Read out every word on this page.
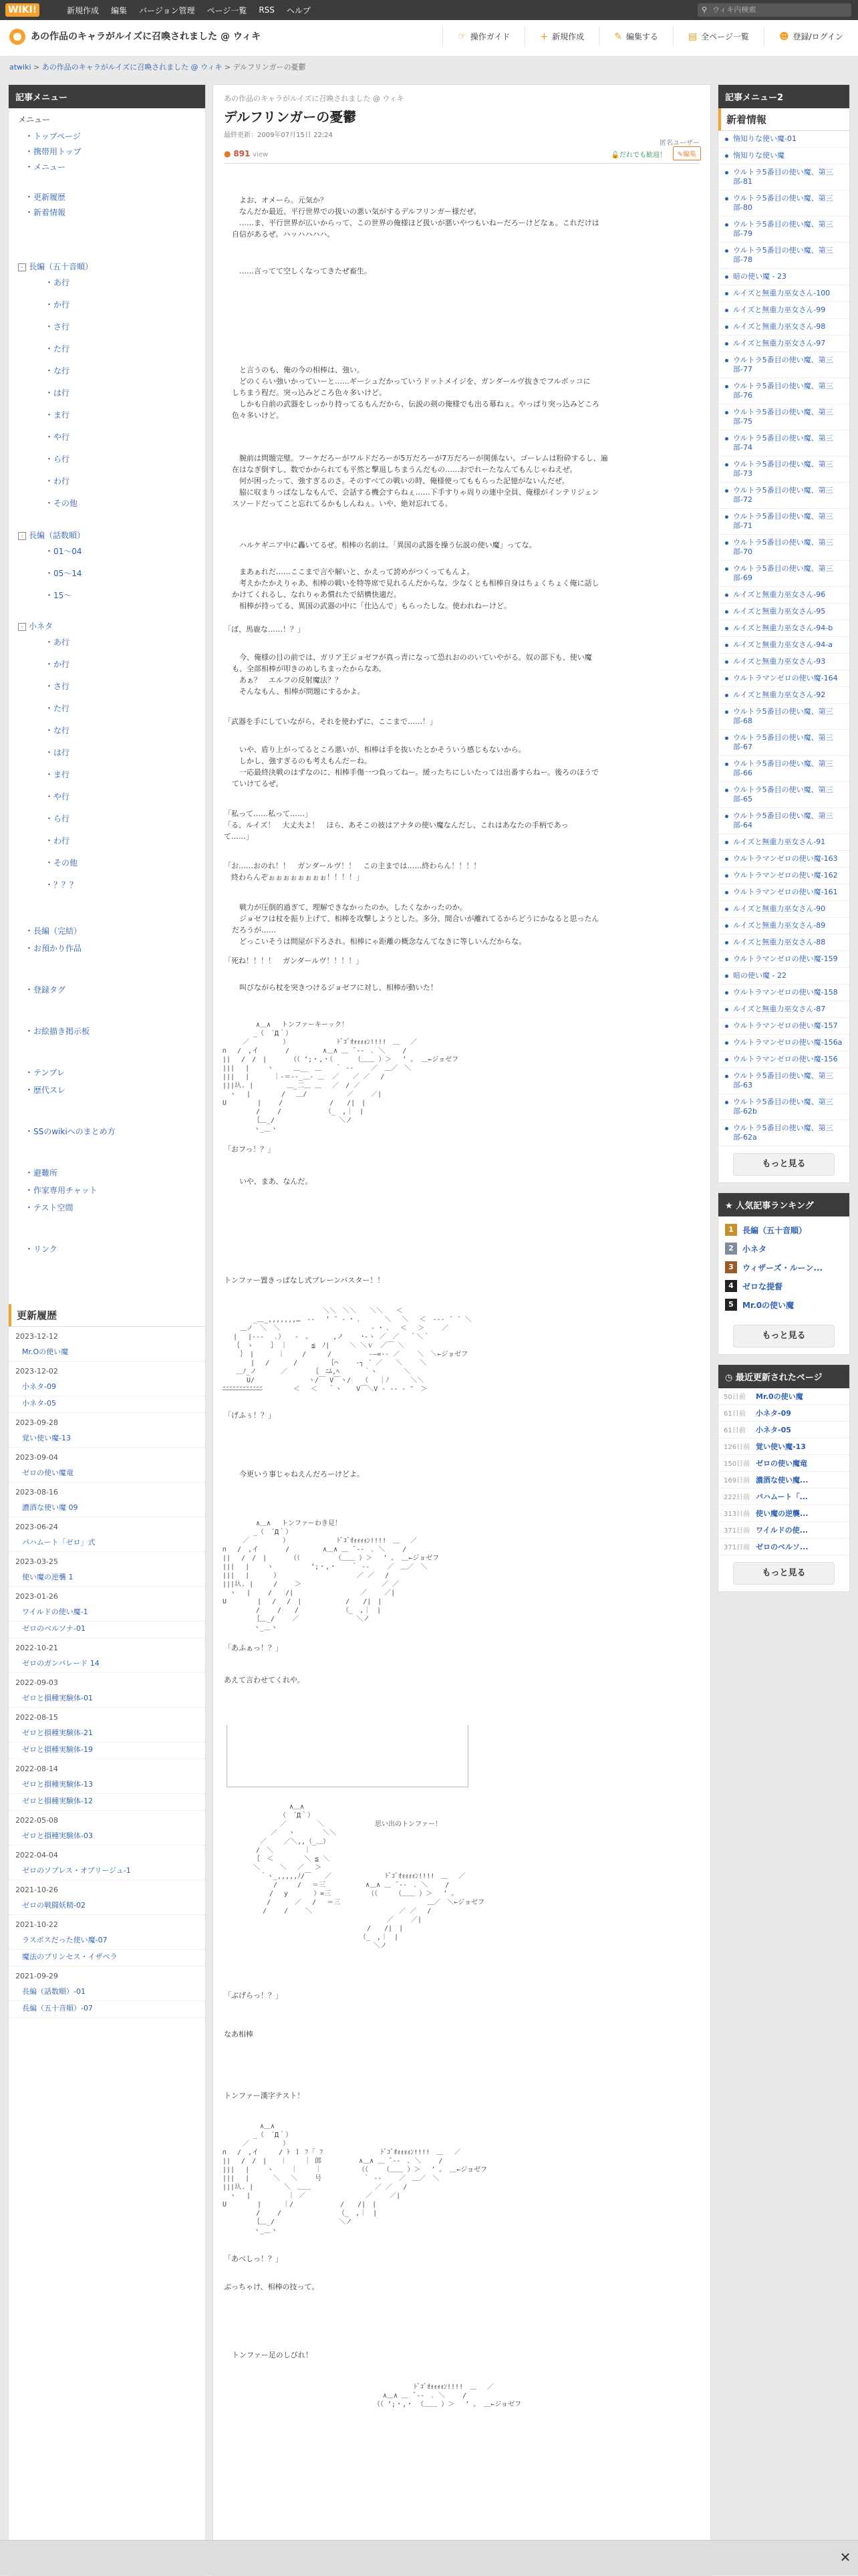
WIKI!	新規作成 編集 バージョン管理 ページ一覧 RSS ヘルプ	⚲ ウィキ内検索
あの作品のキャラがルイズに召喚されました @ ウィキ	☞ 操作ガイド	+ 新規作成	✎ 編集する	▤ 全ページ一覧	☻ 登録/ログイン
atwiki > あの作品のキャラがルイズに召喚されました @ ウィキ > デルフリンガーの憂鬱
記事メニュー
メニュー
・トップページ
・携帯用トップ
・メニュー
・更新履歴
・新着情報
- 長編（五十音順）
・あ行
・か行
・さ行
・た行
・な行
・は行
・ま行
・や行
・ら行
・わ行
・その他
- 長編（話数順）
・01〜04
・05〜14
・15〜
- 小ネタ
・あ行
・か行
・さ行
・た行
・な行
・は行
・ま行
・や行
・ら行
・わ行
・その他
・？？？
・長編（完結）
・お預かり作品
・登録タグ
・お絵描き掲示板
・テンプレ
・歴代スレ
・SSのwikiへのまとめ方
・避難所
・作家専用チャット
・テスト空間
・リンク
更新履歴
2023-12-12
Mr.Oの使い魔
2023-12-02
小ネタ-09
小ネタ-05
2023-09-28
覚い使い魔-13
2023-09-04
ゼロの使い魔竜
2023-08-16
濃酒な使い魔 09
2023-06-24
パハムート「ゼロ」式
2023-03-25
使い魔の逆襲 1
2023-01-26
ワイルドの使い魔-1
ゼロのベルソナ-01
2022-10-21
ゼロのガンパレード 14
2022-09-03
ゼロと損種実験体-01
2022-08-15
ゼロと損種実験体-21
ゼロと損種実験体-19
2022-08-14
ゼロと損種実験体-13
ゼロと損種実験体-12
2022-05-08
ゼロと損種実験体-03
2022-04-04
ゼロのソプレス・オブリージュ-1
2021-10-26
ゼロの戦闘妖精-02
2021-10-22
ラスボスだった使い魔-07
魔法のプリンセス・イザベラ
2021-09-29
長編（話数順）-01
長編（五十音順）-07
あの作品のキャラがルイズに召喚されました @ ウィキ
デルフリンガーの憂鬱
最終更新：2009年07月15日 22:24
匿名ユーザー
● 891 view	🔓だれでも歓迎！	✎編集
　よお、オメーら。元気か？
　なんだか最近、平行世界での扱いの悪い気がするデルフリンガー様だぜ。
　……ま、平行世界が広いからって、この世界の俺様ほど扱いが悪いやつもいねーだろーけどなぁ。これだけは
自信があるぜ。ハッハハハハ。
　……言ってて空しくなってきたぜ畜生。
　と言うのも、俺の今の相棒は、強い。
　どのくらい強いかっていーと……ギーシュだかっていうドットメイジを、ガンダールヴ抜きでフルボッコに
しちまう程だ。突っ込みどころ色々多いけど。
　しかも自前の武器をしっかり持ってるもんだから、伝説の剣の俺様でも出る幕ねぇ。やっぱり突っ込みどころ
色々多いけど。
　腕前は問題完璧。フーケだろーがワルドだろーが5万だろーが7万だろーが関係ない。ゴーレムは粉砕するし、遍
在はなぎ倒すし、数でかかられても平然と撃退しちまうんだもの……おでれーたなんてもんじゃねえぜ。
　何が困ったって、強すぎるのさ。そのすべての戦いの時、俺様使ってももらった記憶がないんだぜ。
　脇に収まりっぱなしなもんで、会話する機会すらねぇ……下手すりゃ周りの連中全員、俺様がインテリジェン
スソードだってこと忘れてるかもしんねぇ。いや、絶対忘れてる。
　ハルケギニア中に轟いてるぜ。相棒の名前は。「異国の武器を操う伝説の使い魔」ってな。
　まあぁれだ……ここまで言や解いと、かえって誇めがつくってもんよ。
　考えかたかえりゃあ、相棒の戦いを特等席で見れるんだからな。少なくとも相棒自身はちょくちょく俺に話し
かけてくれるし、なれりゃあ慣れたで結構快適だ。
　相棒が持ってる、異国の武器の中に「仕込んで」もらったしな。使われねーけど。
「ば、馬鹿な……！？」
　今、俺様の目の前では、ガリア王ジョゼフが真っ青になって恐れおののいていやがる。奴の部下も、使い魔
も、全部相棒が叩きのめしちまったからなあ。
　あぁ？　エルフの反射魔法？？
　そんなもん、相棒が問題にするかよ。
「武器を手にしていながら、それを使わずに、ここまで……！」
　いや、盾り上がってるところ悪いが、相棒は手を抜いたとかそういう感じもないから。
　しかし、強すぎるのも考えもんだーね。
　一応最終決戦のはずなのに、相棒手傷一つ負ってねー。緩ったちにしいたっては出番すらねー。後ろのほうで
ていけてるぜ。
「私って……私って……」
「る、ルイズ！　大丈夫よ！　ほら、あそこの彼はアナタの使い魔なんだし、これはあなたの手柄であっ
て……」
「お……おのれ！！　ガンダールヴ！！　この主までは……終わらん！！！！
　終わらんぞぉぉぉぉぉぉぉぉ！！！！」
　戦力が圧倒的過ぎて、理解できなかったのか。したくなかったのか。
　ジョゼフは杖を振り上げて、相棒を攻撃しようとした。多分、間合いが離れてるからどうにかなると思ったん
だろうが……
　どっこいそうは問屋が下ろされ。相棒にゃ距離の概念なんてなきに等しいんだからな。
「死ね！！！！　ガンダールヴ！！！！」
　叫びながら杖を突きつけるジョゼフに対し、相棒が動いた！
　　　　　∧＿∧　 トンファーキーック！
　　　　 _（　´Д｀）
　　　／　　　　　）　　　　　　　 ﾄﾞｺﾞｵｫｫｫｫﾝ!!!!　＿　 ／
∩　 /　,イ　　　　/　　　　　∧＿∧ ＿ ̄ ‐‐　､ ＼　　 /
|| 　/　/　|　　　　（（ ‘;・,・（ 　　 （＿＿ ）＞　 ’ 。 ＿←ジョゼフ
||| 　|　　 ヽ　　　＿__　＿　　｀ ‐‐　　 ／　＿／　＼
||| 　|　　　 ｜‐＝‐‐_＿‐ ＿  ／　　／ ／ 　/
|||圦. |　　　　　＿_二＿ ＿ 　／　/ ／
　ヽ 　|　　 　　/　 ＿/　　　　　　／　　 ／|
U　 　　　|　　 /　　　　　　　/　　/|　|
　　　　　/　　 /　　　　　　　（_　,｜　|
　　　　 ｛＿_/　　　　　　　　　 ＼ノ
　　　　 ヽ_＿ヽ
「おフっ！？」
　いや、まあ、なんだ。
トンファー置きっぱなし式ブレーンバスター！！
　　　　　　　　　　　　　　　＼＼　＼＼　　＼＼　　＜
　　　　 _＿_,,,,,,,…　‐‐　 ’ ˜ ‐ ･ ､　 　　＼　 ＼　 ＜　‐‐‐ ´ ´ ＼
　　 ＿ノ　＼　＼　　　　　　　　　　　　　 ‐ ･ ､　 ＜　 ＞　　 ／
　 |　 |‐‐‐　 ､）　　‐　、　　　 ,ノ　　 ･‐ヽ ／　／　 ｀＼｀
　 ｛　ゝ　　 ｝　｜　　　 ≦　ﾉ|　　　＼ ＼ｖ　／￣ ＼
　　 ｝　|　　　 ｜　 　/ 　　 /　　　　　 ‐―=‐‐ ／　　 ＼　＼←ジョゼフ
　　 　 |　 /　　 　/　　　　　｛⌒　　 ‐┐ ´ ／　　＼　　 ＼
　　＿ﾉ_ノ　　 　／　 　 　｛　ﾆﾑ,ﾍ　　　 ｀ヽ　　　　＼
　　　 U/　　　　　　　　ヽ/￣ V￣ヽ/　 （　 ｜ﾉ 　　 ＼＼
ﾆﾆﾆﾆﾆﾆﾆﾆﾆﾆﾆﾆ　　　　 ＜　 ＜　 ｀ヽ 　 V￣＼V ‐ ‐‐ ‐ ″　＞

「げふぅ！？」
　今更いう事じゃねえんだろーけどよ。
　　　　　∧＿∧　 トンファーわき見！
　　　　 _（　´Д｀）
　　　／　　　　　）　　　　　　　 ﾄﾞｺﾞｵｫｫｫｫﾝ!!!!　＿　 ／
∩　 /　,イ　　　　/　　　　　∧＿∧ ＿ ̄ ‐‐　､ ＼　　 /
|| 　/　/　|　　　　（（ 　　　　 （＿＿ ）＞　 ’ 。 ＿←ジョゼフ
||| 　|　　 ヽ　　　　　 ‘;・,・ 　 ｀ ‐‐　　 ／　＿／　＼
||| 　|　　　 ）　　　　　　　　　　　　／ ／ 　/
|||圦. |　　　/　　 ＞　　　　　　　　　　　　／ ／
　ヽ 　|　　 /　　/|　　　　　　　　　　／　　 ／|
U　 　　　|　 /　 /　|　　　　　 　/　　/|　|
　　　　　/　　 /　　/　　　　　　　（_　,｜　|
　　　　 ｛＿_/　　 ／　　　　　　　　 ＼ノ
　　　　 ヽ_＿ヽ
「あふぁっ！？」
あえて言わせてくれや。
　　　　　　　　　　∧＿∧
　　　　　　　　　（　´Д｀）
　　　　　　　　 ／　　　　 ＼　　　　　　　 思い出のトンファー！
　　　　 　　 ／　 ヽ　　 　 ＼＼
　　　　　 ／　　 ／＼,,（_＿）
　　　　　/　＼　　　　 ｜
　　　　 ｛　＜　　　　 ＼ ≦ ＼
　　　　 ＼　　　＼　 ／　 ＞
　　　　 　｀ヽ_,,,,,ﾉ/￣　　／　　　　　　　　ﾄﾞｺﾞｵｫｫｫｫﾝ!!!!　＿　 ／
　　　　　　　 /　　　/　 ＝三　　　　　　∧＿∧ ＿ ̄ ‐‐　､ ＼　　 /
　　　　　　　/　 y 　 　 ）=三　　　　　　（（　　 （＿＿ ）＞　 ’ 。
　　　　　　 /　　　 ／ 　/　 ＝三　　　　　　　　　　　　　＿／　＼←ジョゼフ
　　　　　　/　　 /　　 ＼　　　　　　　　　　　　　／ ／ 　/
　　　　　　　　　　　　　　　　　　　　　　　　 ／　　 ／|
　　　　　　　　　　　　　　　　　　　　　 /　　/|　|
　　　　　　　　　　　　　　　　　　　　　（_　,｜　|
　　　　　　　　　　　　　　　　　　　　　　 ＼ノ
「ぶげらっ！？」
なあ相棒
トンファー漢字テスト！
　　　　　 ∧＿∧
　　　　 _（　´Д｀）
　　　／　　　　　）
∩　 /　,イ　　　/ ﾄ ｌ ﾌ ｢ ﾌ　　　　　　　　 ﾄﾞｺﾞｵｫｫｫｫﾝ!!!!　＿　 ／
|| 　/　/　|　　｜　　 ｜ 郎　　　　　 ∧＿∧ ＿ ̄ ‐‐　､ ＼　　 /
||| 　|　　 ヽ　　 ｜　　 ｜　　　　　　（（ 　 （＿＿ ）＞　 ’ 。 ＿←ジョゼフ
||| 　|　　　 ＼　 ＼　　 号 　　　　　 ｀ ‐‐　　 ／　＿／　＼
|||圦. |　　　　 ＼　＿＿　　　　　　　　　 ／ ／ 　/
　ヽ 　|　　　　　 ｜ ／　　　　　　　　　／　　 ／|
U　 　　　|　 　 ｜/　　　　　　　/　　/|　|
　　　　　/　　 /　　　　　　　　　（_　,｜　|
　　　　 ｛＿_/　　　　　　　　　 ＼ノ
　　　　 ヽ_＿ヽ
「あべしっ！？」
ぶっちゃけ、相棒の技って。
トンファー足のしびれ！
　　　　　　　　　　　　　　　　　　　　　　　　　　　　 ﾄﾞｺﾞｵｫｫｫｫﾝ!!!!　＿　 ／
　　　　　　　　　　　　　　　　　　　　　　　　∧＿∧ ＿ ̄ ‐‐　､ ＼　　 /
　　　　　　　　　　　　　　　　　　　　　　 （（ ‘;・,・ （＿＿ ）＞　 ’ 。 ＿←ジョゼフ
記事メニュー2
新着情報
惰知りな使い魔-01
惰知りな使い魔
ウルトラ5番目の使い魔、第三部-81
ウルトラ5番目の使い魔、第三部-80
ウルトラ5番目の使い魔、第三部-79
ウルトラ5番目の使い魔、第三部-78
暗の使い魔 - 23
ルイズと無重力巫女さん-100
ルイズと無重力巫女さん-99
ルイズと無重力巫女さん-98
ルイズと無重力巫女さん-97
ウルトラ5番目の使い魔、第三部-77
ウルトラ5番目の使い魔、第三部-76
ウルトラ5番目の使い魔、第三部-75
ウルトラ5番目の使い魔、第三部-74
ウルトラ5番目の使い魔、第三部-73
ウルトラ5番目の使い魔、第三部-72
ウルトラ5番目の使い魔、第三部-71
ウルトラ5番目の使い魔、第三部-70
ウルトラ5番目の使い魔、第三部-69
ルイズと無重力巫女さん-96
ルイズと無重力巫女さん-95
ルイズと無重力巫女さん-94-b
ルイズと無重力巫女さん-94-a
ルイズと無重力巫女さん-93
ウルトラマンゼロの使い魔-164
ルイズと無重力巫女さん-92
ウルトラ5番目の使い魔、第三部-68
ウルトラ5番目の使い魔、第三部-67
ウルトラ5番目の使い魔、第三部-66
ウルトラ5番目の使い魔、第三部-65
ウルトラ5番目の使い魔、第三部-64
ルイズと無重力巫女さん-91
ウルトラマンゼロの使い魔-163
ウルトラマンゼロの使い魔-162
ウルトラマンゼロの使い魔-161
ルイズと無重力巫女さん-90
ルイズと無重力巫女さん-89
ルイズと無重力巫女さん-88
ウルトラマンゼロの使い魔-159
暗の使い魔 - 22
ウルトラマンゼロの使い魔-158
ルイズと無重力巫女さん-87
ウルトラマンゼロの使い魔-157
ウルトラマンゼロの使い魔-156a
ウルトラマンゼロの使い魔-156
ウルトラ5番目の使い魔、第三部-63
ウルトラ5番目の使い魔、第三部-62b
ウルトラ5番目の使い魔、第三部-62a
もっと見る
★ 人気記事ランキング
1	長編（五十音順）
2	小ネタ
3	ウィザーズ・ルーン...
4	ゼロな提督
5	Mr.0の使い魔
もっと見る
◷ 最近更新されたページ
50日前	Mr.0の使い魔
61日前	小ネタ-09
61日前	小ネタ-05
126日前 覚い使い魔-13
150日前 ゼロの使い魔竜
169日前 濃酒な使い魔...
222日前 バハムート「...
313日前 使い魔の逆襲...
371日前 ワイルドの使...
371日前 ゼロのベルソ...
もっと見る
✕
